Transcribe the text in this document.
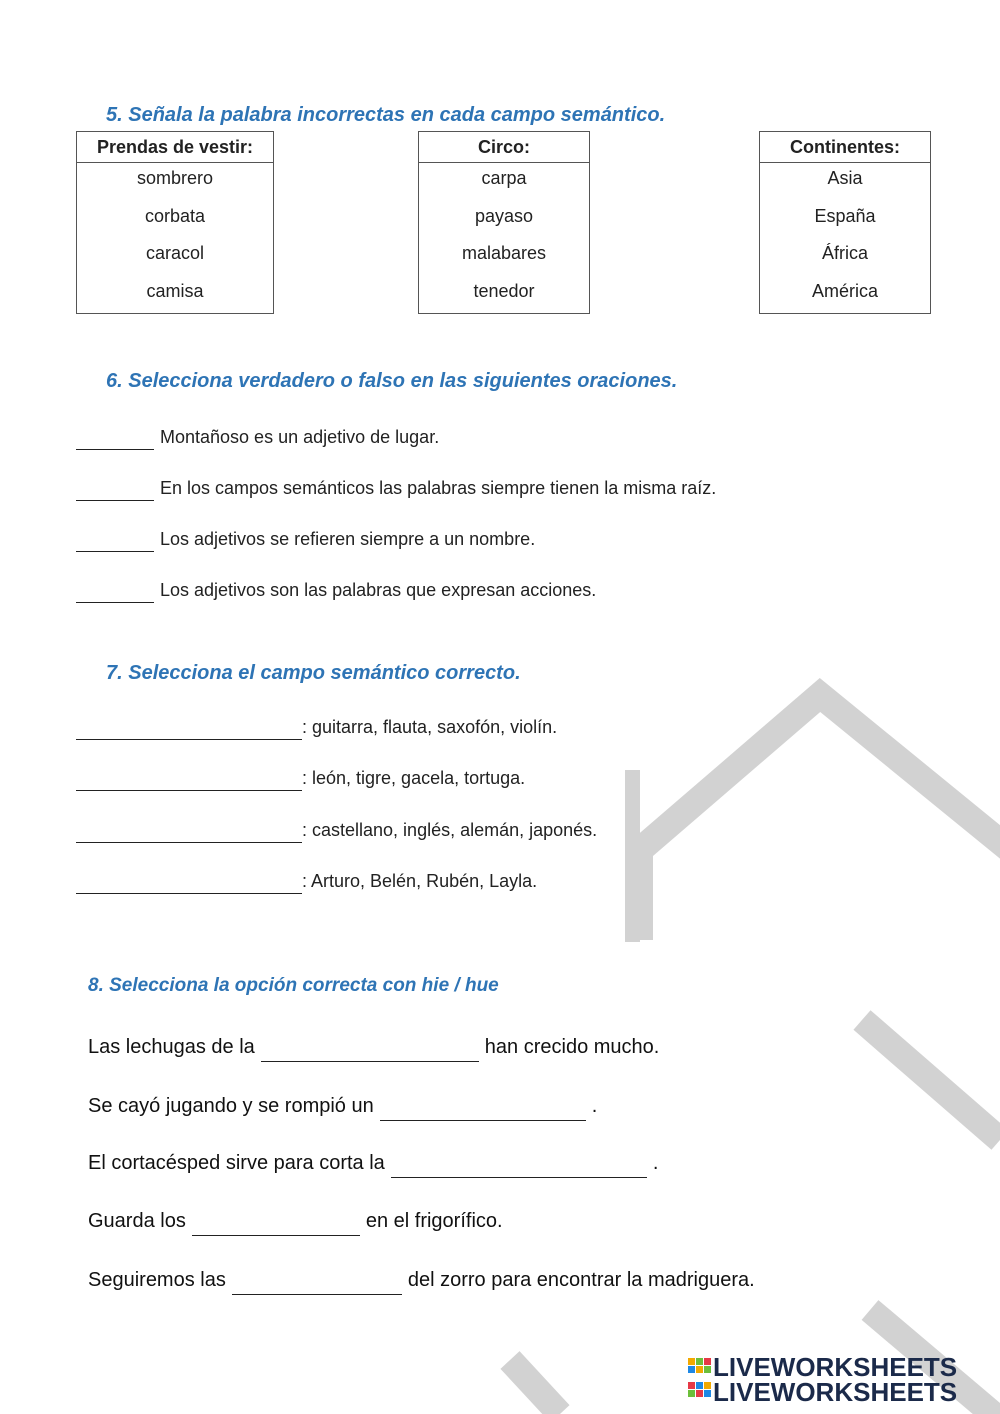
5. Señala la palabra incorrectas en cada campo semántico.
Prendas de vestir:
sombrero
corbata
caracol
camisa
Circo:
carpa
payaso
malabares
tenedor
Continentes:
Asia
España
África
América
6. Selecciona verdadero o falso en las siguientes oraciones.
Montañoso es un adjetivo de lugar.
En los campos semánticos las palabras siempre tienen la misma raíz.
Los adjetivos se refieren siempre a un nombre.
Los adjetivos son las palabras que expresan acciones.
7. Selecciona el campo semántico correcto.
: guitarra, flauta, saxofón, violín.
: león, tigre, gacela, tortuga.
: castellano, inglés, alemán, japonés.
: Arturo, Belén, Rubén, Layla.
8. Selecciona la opción correcta con hie / hue
Las lechugas de la	han crecido mucho.
Se cayó jugando y se rompió un	.
El cortacésped sirve para corta la	.
Guarda los	en el frigorífico.
Seguiremos las	del zorro para encontrar la madriguera.
LIVEWORKSHEETS
LIVEWORKSHEETS
